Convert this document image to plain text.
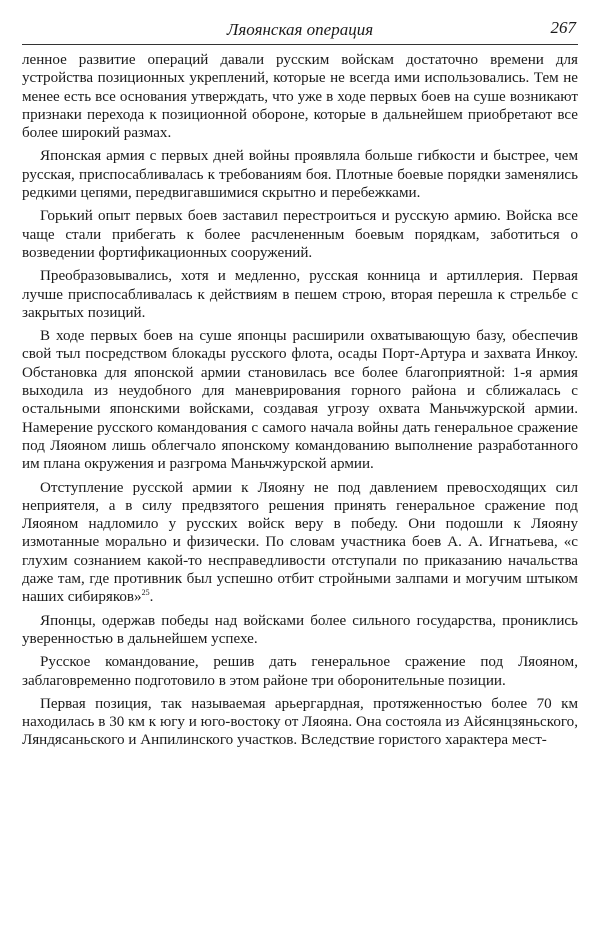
Ляоянская операция	267

ленное развитие операций давали русским войскам достаточно времени для устройства позиционных укреплений, которые не всегда ими использовались. Тем не менее есть все основания утверждать, что уже в ходе первых боев на суше возникают признаки перехода к позиционной обороне, которые в дальнейшем приобретают все более широкий размах.

Японская армия с первых дней войны проявляла больше гибкости и быстрее, чем русская, приспосабливалась к требованиям боя. Плотные боевые порядки заменялись редкими цепями, передвигавшимися скрытно и перебежками.

Горький опыт первых боев заставил перестроиться и русскую армию. Войска все чаще стали прибегать к более расчлененным боевым порядкам, заботиться о возведении фортификационных сооружений.

Преобразовывались, хотя и медленно, русская конница и артиллерия. Первая лучше приспосабливалась к действиям в пешем строю, вторая перешла к стрельбе с закрытых позиций.

В ходе первых боев на суше японцы расширили охватывающую базу, обеспечив свой тыл посредством блокады русского флота, осады Порт-Артура и захвата Инкоу. Обстановка для японской армии становилась все более благоприятной: 1-я армия выходила из неудобного для маневрирования горного района и сближалась с остальными японскими войсками, создавая угрозу охвата Маньчжурской армии. Намерение русского командования с самого начала войны дать генеральное сражение под Ляояном лишь облегчало японскому командованию выполнение разработанного им плана окружения и разгрома Маньчжурской армии.

Отступление русской армии к Ляояну не под давлением превосходящих сил неприятеля, а в силу предвзятого решения принять генеральное сражение под Ляояном надломило у русских войск веру в победу. Они подошли к Ляояну измотанные морально и физически. По словам участника боев А. А. Игнатьева, «с глухим сознанием какой-то несправедливости отступали по приказанию начальства даже там, где противник был успешно отбит стройными залпами и могучим штыком наших сибиряков»$^{25}$.

Японцы, одержав победы над войсками более сильного государства, прониклись уверенностью в дальнейшем успехе.

Русское командование, решив дать генеральное сражение под Ляояном, заблаговременно подготовило в этом районе три оборонительные позиции.

Первая позиция, так называемая арьергардная, протяженностью более 70 км находилась в 30 км к югу и юго-востоку от Ляояна. Она состояла из Айсянцзяньского, Ляндясаньского и Анпилинского участков. Вследствие гористого характера мест-
